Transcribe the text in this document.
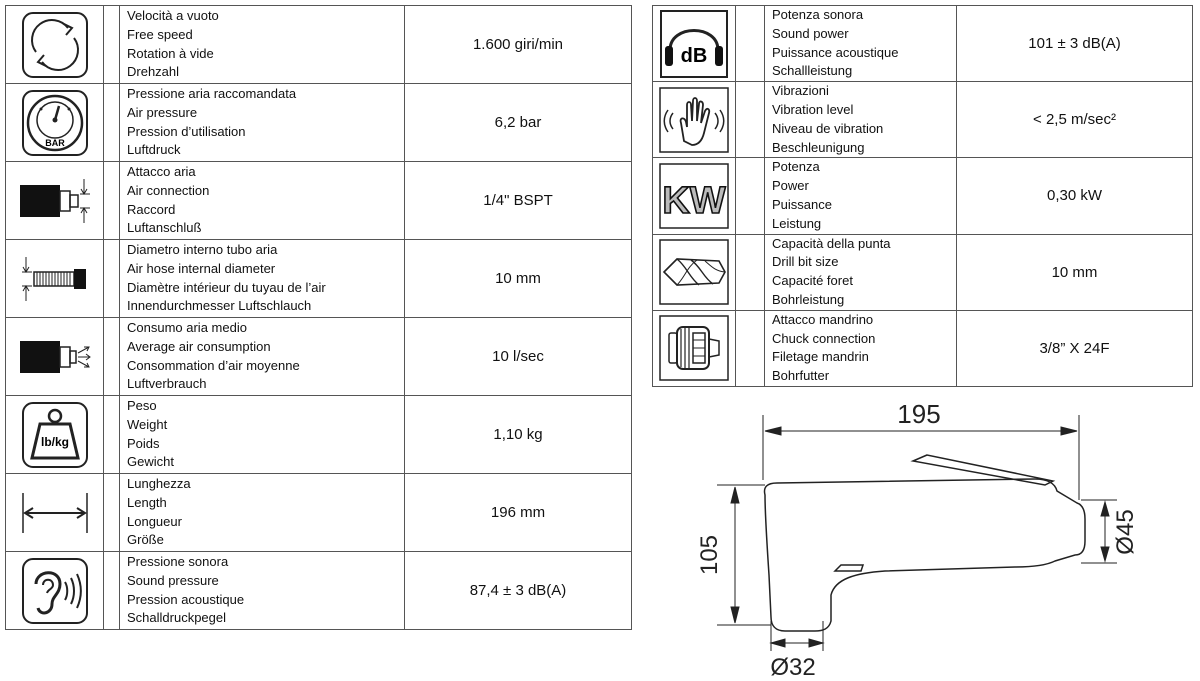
Velocità a vuoto
Free speed
Rotation à vide
Drehzahl	1.600 giri/min

BAR		Pressione aria raccomandata
Air pressure
Pression d’utilisation
Luftdruck	6,2 bar

Attacco aria
Air connection
Raccord
Luftanschluß	1/4" BSPT

Diametro interno tubo aria
Air hose internal diameter
Diamètre intérieur du tuyau de l’air
Innendurchmesser Luftschlauch	10 mm

Consumo aria medio
Average air consumption
Consommation d’air moyenne
Luftverbrauch	10 l/sec

lb/kg		Peso
Weight
Poids
Gewicht	1,10 kg

Lunghezza
Length
Longueur
Größe	196 mm

Pressione sonora
Sound pressure
Pression acoustique
Schalldruckpegel	87,4 ± 3 dB(A)
dB		Potenza sonora
Sound power
Puissance acoustique
Schallleistung	101 ± 3 dB(A)

Vibrazioni
Vibration level
Niveau de vibration
Beschleunigung	< 2,5 m/sec²

KW		Potenza
Power
Puissance
Leistung	0,30 kW

Capacità della punta
Drill bit size
Capacité foret
Bohrleistung	10 mm

Attacco mandrino
Chuck connection
Filetage mandrin
Bohrfutter	3/8” X 24F
195
105
Ø45
Ø32
